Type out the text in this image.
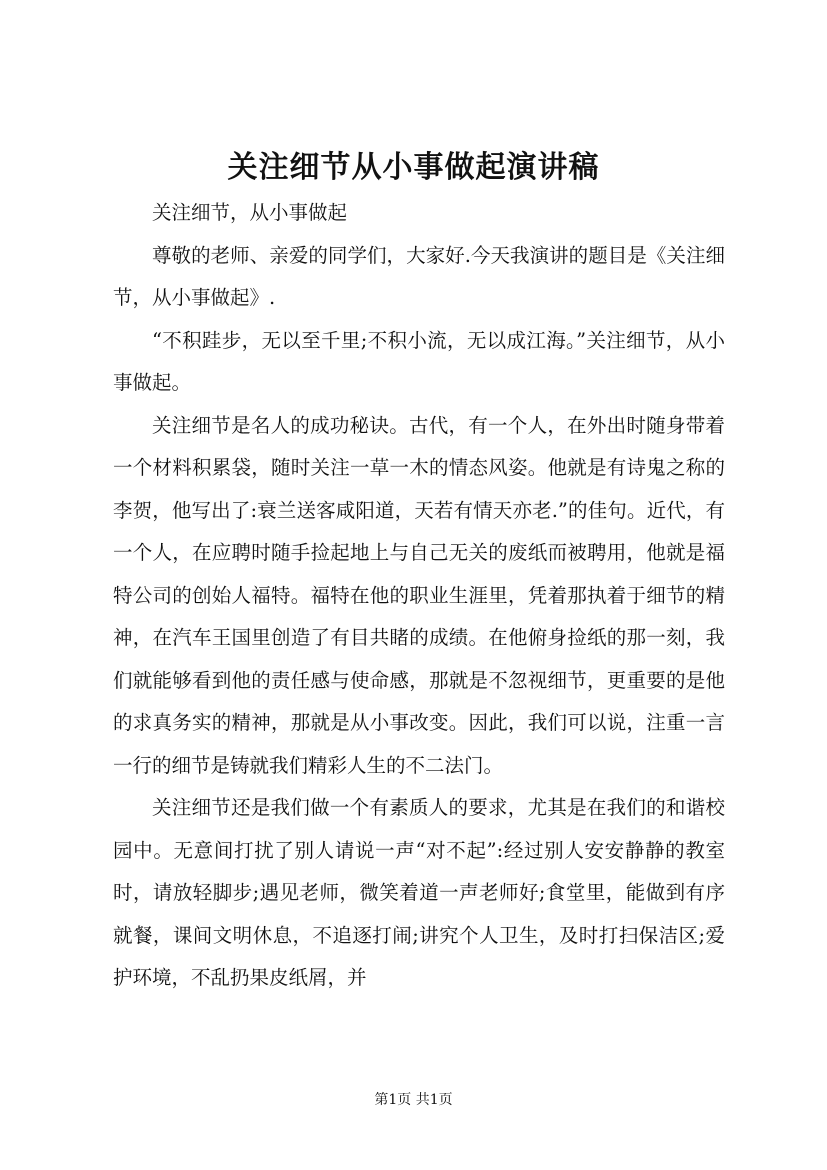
关注细节从小事做起演讲稿

关注细节，从小事做起

尊敬的老师、亲爱的同学们，大家好.今天我演讲的题目是《关注细节，从小事做起》.

“不积跬步，无以至千里;不积小流，无以成江海。”关注细节，从小事做起。

关注细节是名人的成功秘诀。古代，有一个人，在外出时随身带着一个材料积累袋，随时关注一草一木的情态风姿。他就是有诗鬼之称的李贺，他写出了:衰兰送客咸阳道，天若有情天亦老.”的佳句。近代，有一个人，在应聘时随手捡起地上与自己无关的废纸而被聘用，他就是福特公司的创始人福特。福特在他的职业生涯里，凭着那执着于细节的精神，在汽车王国里创造了有目共睹的成绩。在他俯身捡纸的那一刻，我们就能够看到他的责任感与使命感，那就是不忽视细节，更重要的是他的求真务实的精神，那就是从小事改变。因此，我们可以说，注重一言一行的细节是铸就我们精彩人生的不二法门。

关注细节还是我们做一个有素质人的要求，尤其是在我们的和谐校园中。无意间打扰了别人请说一声“对不起”:经过别人安安静静的教室时，请放轻脚步;遇见老师，微笑着道一声老师好;食堂里，能做到有序就餐，课间文明休息，不追逐打闹;讲究个人卫生，及时打扫保洁区;爱护环境，不乱扔果皮纸屑，并

第1页 共1页
